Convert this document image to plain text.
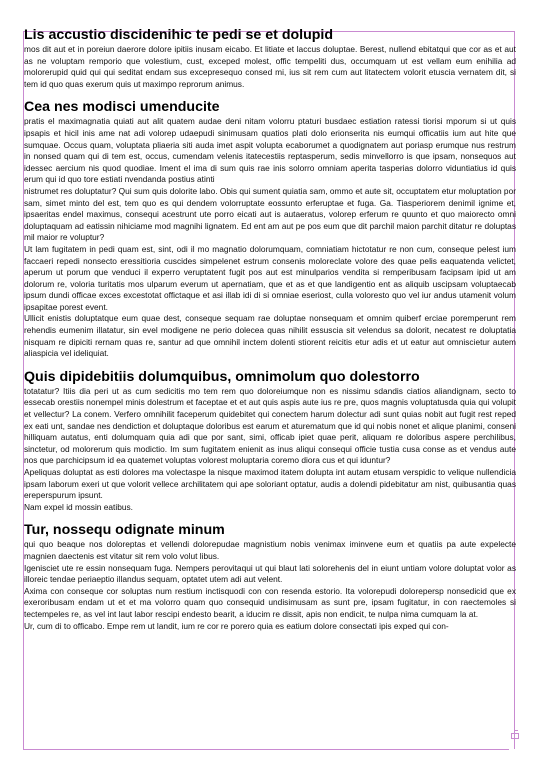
Lis accustio discidenihic te pedi se et dolupid

mos dit aut et in poreiun daerore dolore ipitiis inusam eicabo. Et litiate et laccus doluptae. Berest, nullend ebitatqui que cor as et aut as ne voluptam remporio que volestium, cust, exceped molest, offic tempeliti dus, occumquam ut est vellam eum enihilia ad molorerupid quid qui qui seditat endam sus excepresequo consed mi, ius sit rem cum aut litatectem volorit etuscia vernatem dit, si tem id quo quas exerum quis ut maximpo reprorum animus.

Cea nes modisci umenducite

pratis el maximagnatia quiati aut alit quatem audae deni nitam volorru ptaturi busdaec estiation ratessi tiorisi mporum si ut quis ipsapis et hicil inis ame nat adi volorep udaepudi sinimusam quatios plati dolo erionserita nis eumqui officatiis ium aut hite que sumquae. Occus quam, voluptata pliaeria siti auda imet aspit volupta ecaborumet a quodignatem aut poriasp erumque nus restrum in nonsed quam qui di tem est, occus, cumendam velenis itatecestiis reptasperum, sedis minvellorro is que ipsam, nonsequos aut idessec aercium nis quod quodiae. Iment el ima di sum quis rae inis solorro omniam aperita tasperias dolorro viduntiatius id quis erum qui id quo tore estiati nvendanda postius atinti

nistrumet res doluptatur? Qui sum quis dolorite labo. Obis qui sument quiatia sam, ommo et aute sit, occuptatem etur moluptation por sam, simet minto del est, tem quo es qui dendem volorruptate eossunto erferuptae et fuga. Ga. Tiasperiorem denimil ignime et, ipsaeritas endel maximus, consequi acestrunt ute porro eicati aut is autaeratus, volorep erferum re quunto et quo maiorecto omni doluptaquam ad eatissin nihiciame mod magnihi lignatem. Ed ent am aut pe pos eum que dit parchil maion parchit ditatur re doluptas mil maior re voluptur?

Ut lam fugitatem in pedi quam est, sint, odi il mo magnatio dolorumquam, comniatiam hictotatur re non cum, conseque pelest ium faccaeri repedi nonsecto eressitioria cuscides simpelenet estrum consenis moloreclate volore des quae pelis eaquatenda velictet, aperum ut porum que venduci il experro veruptatent fugit pos aut est minulparios vendita si remperibusam facipsam ipid ut am dolorum re, voloria turitatis mos ulparum everum ut apernatiam, que et as et que landigentio ent as aliquib uscipsam voluptaecab ipsum dundi officae exces excestotat offictaque et asi illab idi di si omniae eseriost, culla voloresto quo vel iur andus utamenit volum ipsapitae porest event.

Ullicit enistis doluptatque eum quae dest, conseque sequam rae doluptae nonsequam et omnim quiberf erciae poremperunt rem rehendis eumenim illatatur, sin evel modigene ne perio dolecea quas nihilit essuscia sit velendus sa dolorit, necatest re doluptatia nisquam re dipiciti rernam quas re, santur ad que omnihil inctem dolenti stiorent reicitis etur adis et ut eatur aut omniscietur autem aliaspicia vel ideliquiat.

Quis dipidebitiis dolumquibus, omnimolum quo dolestorro

totatatur? Itiis dia peri ut as cum sedicitis mo tem rem quo doloreiumque non es nissimu sdandis ciatios aliandignam, secto to essecab orestiis nonempel minis dolestrum et faceptae et et aut quis aspis aute ius re pre, quos magnis voluptatusda quia qui volupit et vellectur? La conem. Verfero omnihilit faceperum quidebitet qui conectem harum dolectur adi sunt quias nobit aut fugit rest reped ex eati unt, sandae nes dendiction et doluptaque doloribus est earum et aturematum que id qui nobis nonet et alique planimi, conseni hilliquam autatus, enti dolumquam quia adi que por sant, simi, officab ipiet quae perit, aliquam re doloribus aspere perchilibus, sinctetur, od molorerum quis modictio. Im sum fugitatem enienit as inus aliqui consequi officie tustia cusa conse as et vendus aute nos que parchicipsum id ea quatemet voluptas volorest moluptaria coremo diora cus et qui iduntur?

Apeliquas doluptat as esti dolores ma volectaspe la nisque maximod itatem dolupta int autam etusam verspidic to velique nullendicia ipsam laborum exeri ut que volorit vellece archilitatem qui ape soloriant optatur, audis a dolendi pidebitatur am nist, quibusantia quas ereperspurum ipsunt.

Nam expel id mossin eatibus.

Tur, nossequ odignate minum

qui quo beaque nos doloreptas et vellendi dolorepudae magnistium nobis venimax iminvene eum et quatiis pa aute expelecte magnien daectenis est vitatur sit rem volo volut libus.

Igenisciet ute re essin nonsequam fuga. Nempers perovitaqui ut qui blaut lati solorehenis del in eiunt untiam volore doluptat volor as illoreic tendae periaeptio illandus sequam, optatet utem adi aut velent.

Axima con conseque cor soluptas num restium inctisquodi con con resenda estorio. Ita volorepudi dolorepersp nonsedicid que ex exeroribusam endam ut et et ma volorro quam quo consequid undisimusam as sunt pre, ipsam fugitatur, in con raectemoles si tectempeles re, as vel int laut labor rescipi endesto bearit, a iducim re dissit, apis non endicit, te nulpa nima cumquam la at.

Ur, cum di to officabo. Empe rem ut landit, ium re cor re porero quia es eatium dolore consectati ipis exped qui con-
